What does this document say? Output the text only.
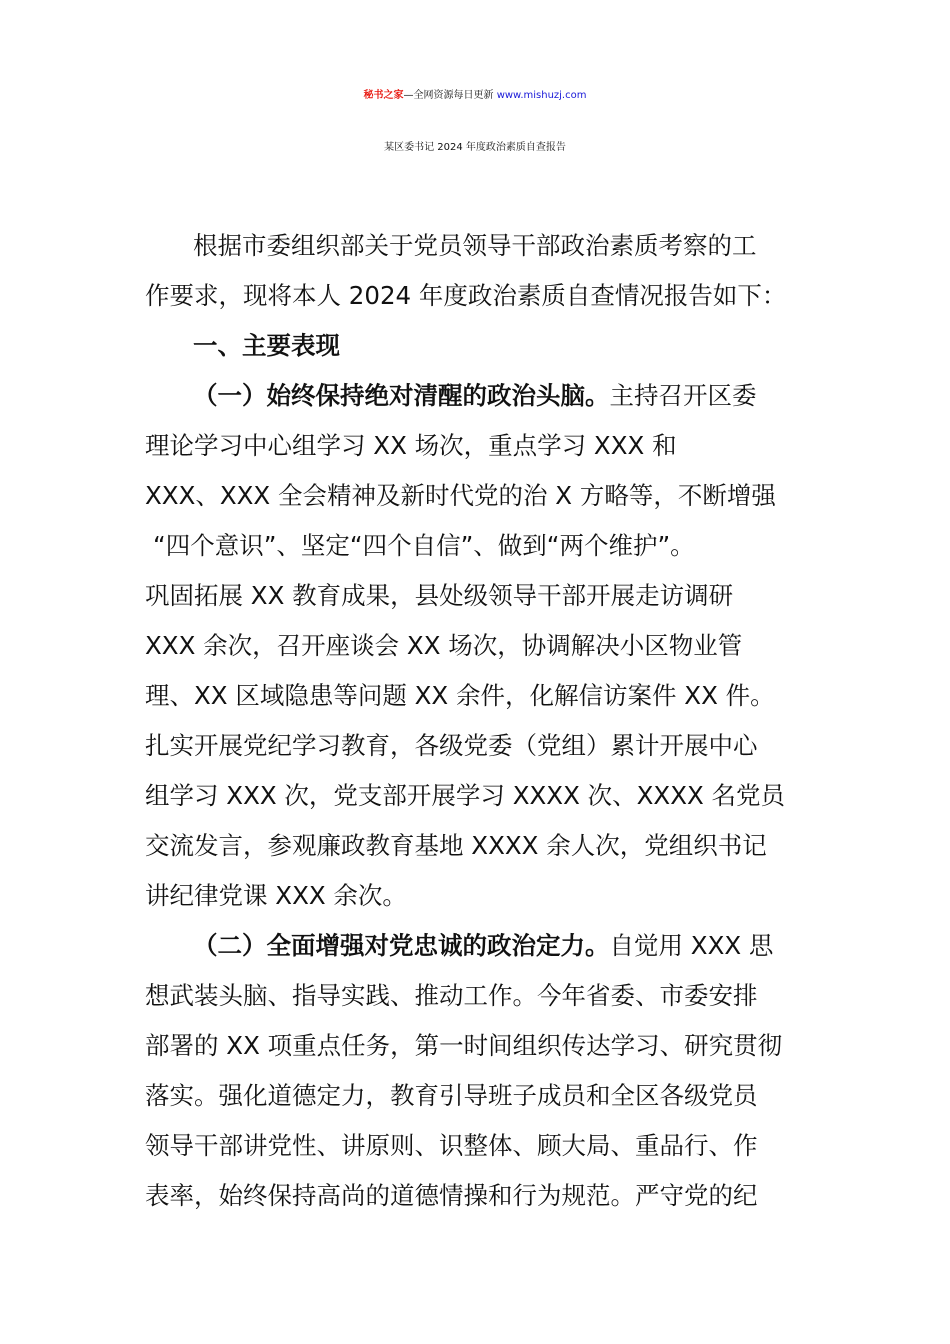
秘书之家—全网资源每日更新 www.mishuzj.com
某区委书记 2024 年度政治素质自查报告
根据市委组织部关于党员领导干部政治素质考察的工
作要求，现将本人 2024 年度政治素质自查情况报告如下：
一、主要表现
（一）始终保持绝对清醒的政治头脑。主持召开区委
理论学习中心组学习 XX 场次，重点学习 XXX 和
XXX、XXX 全会精神及新时代党的治 X 方略等，不断增强
“四个意识”、坚定“四个自信”、做到“两个维护”。
巩固拓展 XX 教育成果，县处级领导干部开展走访调研
XXX 余次，召开座谈会 XX 场次，协调解决小区物业管
理、XX 区域隐患等问题 XX 余件，化解信访案件 XX 件。
扎实开展党纪学习教育，各级党委（党组）累计开展中心
组学习 XXX 次，党支部开展学习 XXXX 次、XXXX 名党员
交流发言，参观廉政教育基地 XXXX 余人次，党组织书记
讲纪律党课 XXX 余次。
（二）全面增强对党忠诚的政治定力。自觉用 XXX 思
想武装头脑、指导实践、推动工作。今年省委、市委安排
部署的 XX 项重点任务，第一时间组织传达学习、研究贯彻
落实。强化道德定力，教育引导班子成员和全区各级党员
领导干部讲党性、讲原则、识整体、顾大局、重品行、作
表率，始终保持高尚的道德情操和行为规范。严守党的纪
